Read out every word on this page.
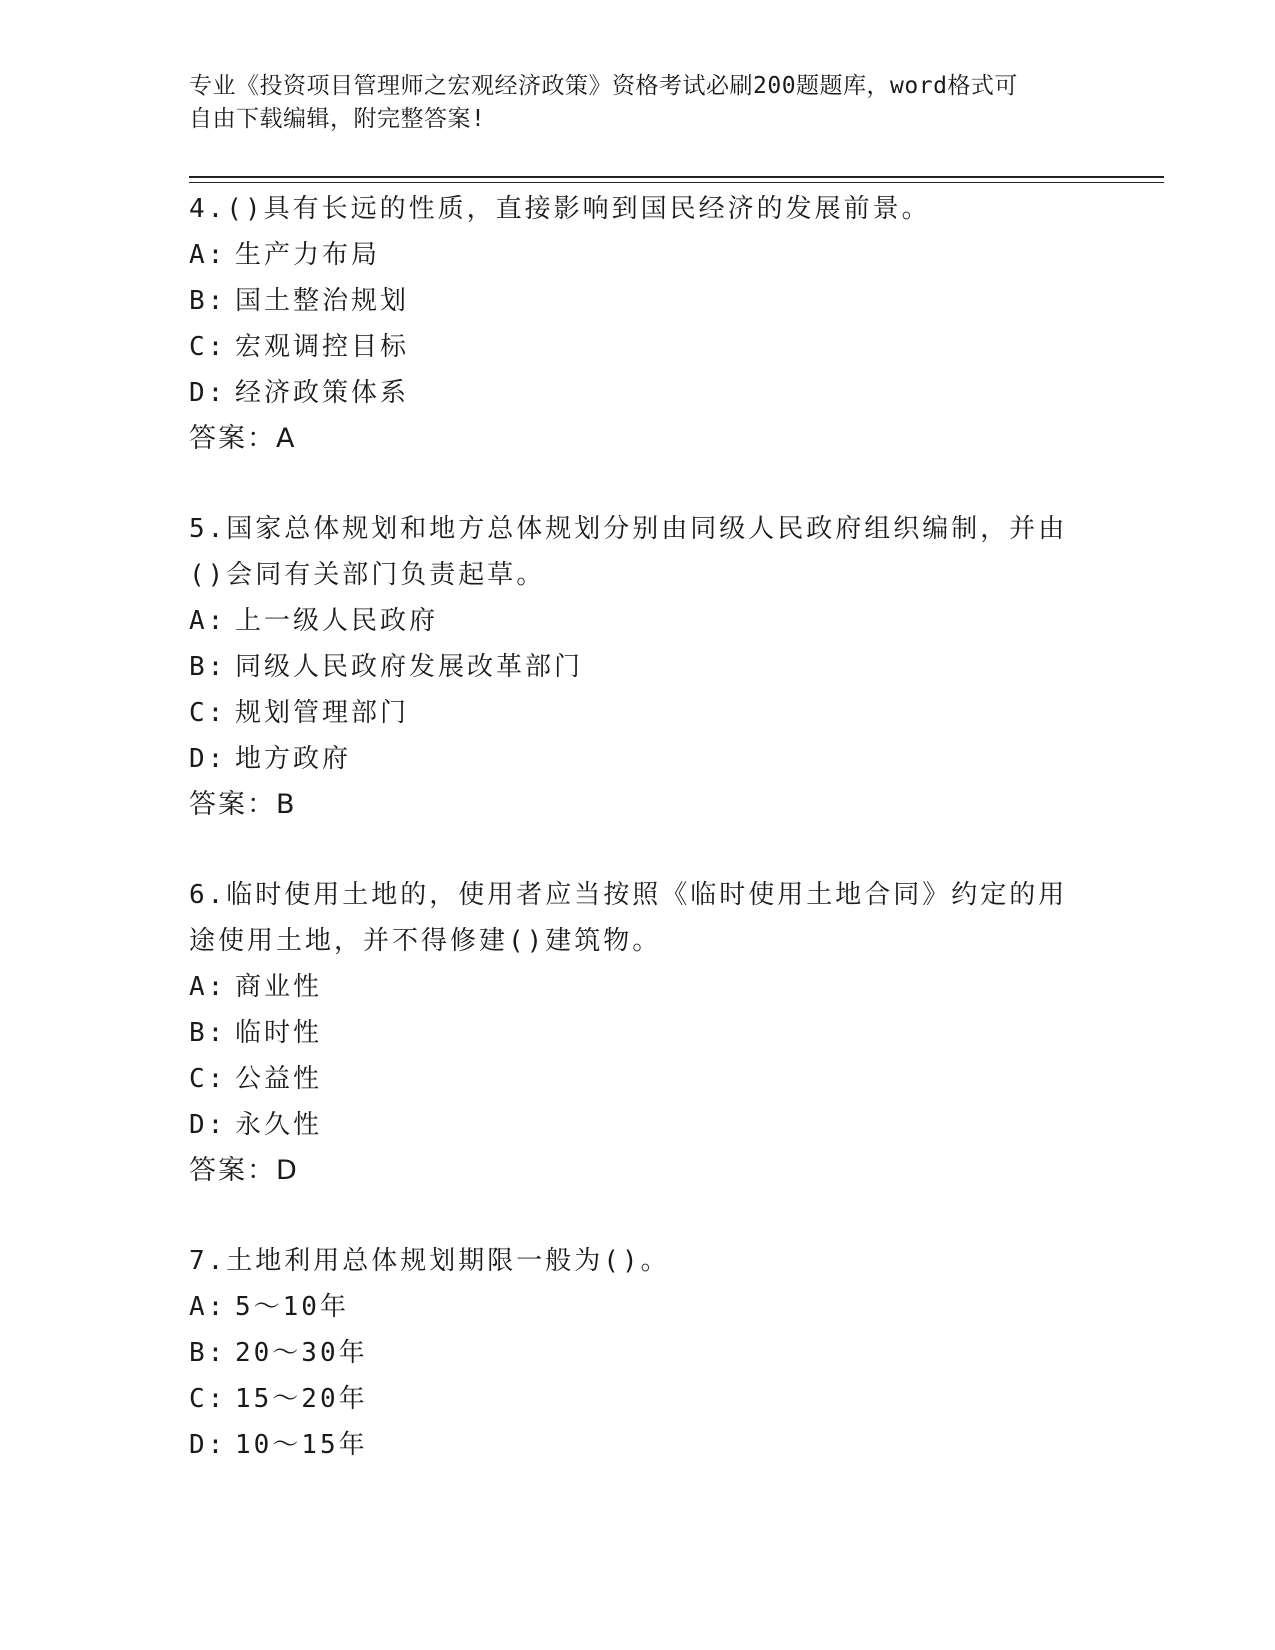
专业《投资项目管理师之宏观经济政策》资格考试必刷200题题库，word格式可
自由下载编辑，附完整答案!

4.()具有长远的性质，直接影响到国民经济的发展前景。

A: 生产力布局

B: 国土整治规划

C: 宏观调控目标

D: 经济政策体系

答案：A

5.国家总体规划和地方总体规划分别由同级人民政府组织编制，并由()会同有关部门负责起草。

A: 上一级人民政府

B: 同级人民政府发展改革部门

C: 规划管理部门

D: 地方政府

答案：B

6.临时使用土地的，使用者应当按照《临时使用土地合同》约定的用途使用土地，并不得修建()建筑物。

A: 商业性

B: 临时性

C: 公益性

D: 永久性

答案：D

7.土地利用总体规划期限一般为()。

A: 5～10年

B: 20～30年

C: 15～20年

D: 10～15年
